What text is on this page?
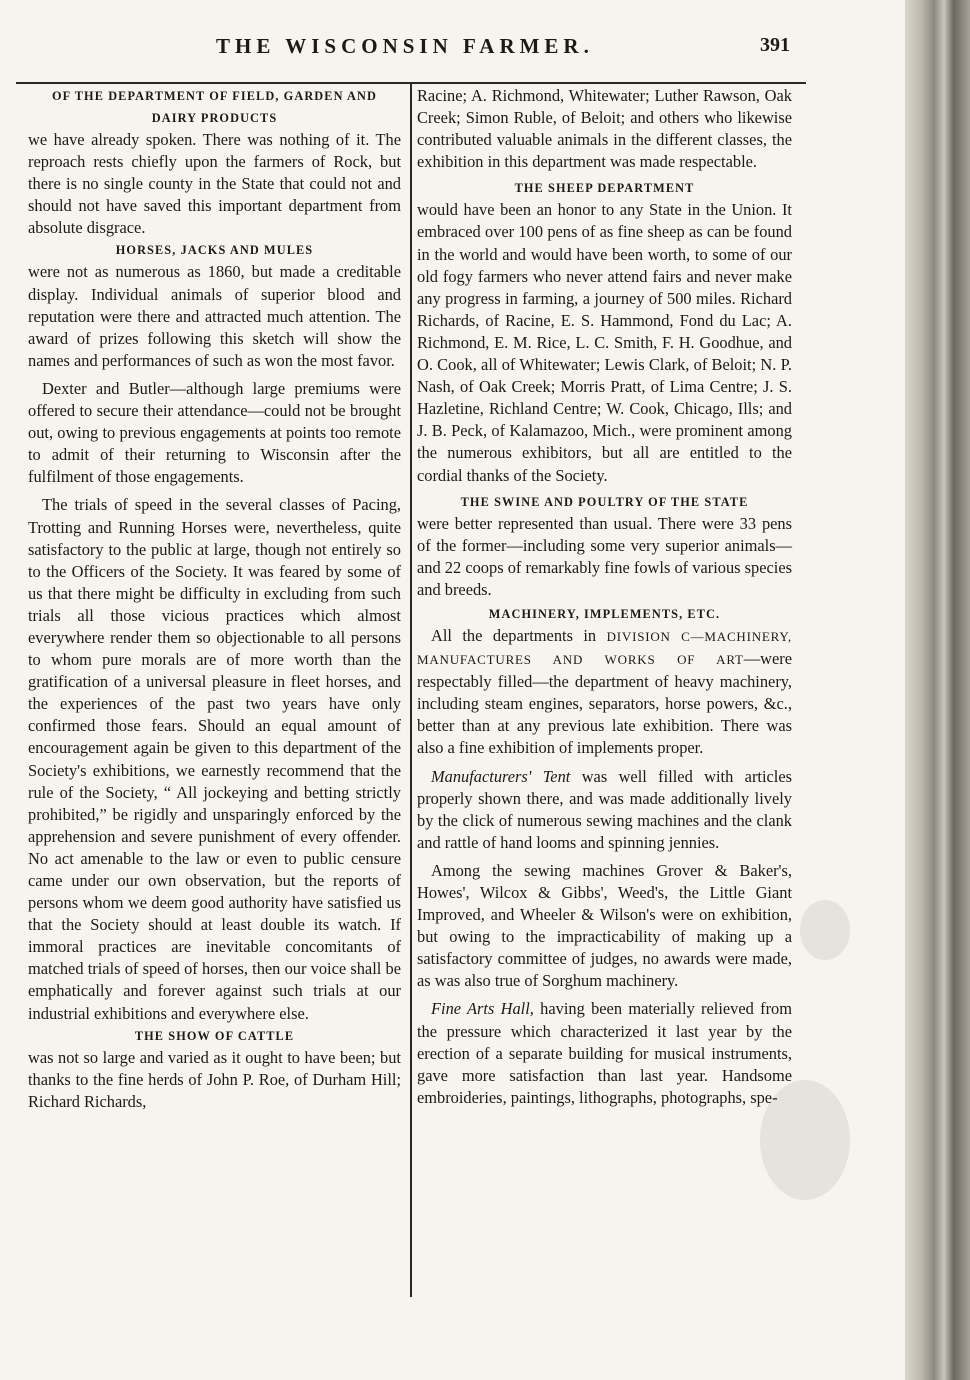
THE WISCONSIN FARMER.	391
OF THE DEPARTMENT OF FIELD, GARDEN AND DAIRY PRODUCTS

we have already spoken. There was nothing of it. The reproach rests chiefly upon the farmers of Rock, but there is no single county in the State that could not and should not have saved this important department from absolute disgrace.

HORSES, JACKS AND MULES

were not as numerous as 1860, but made a creditable display. Individual animals of superior blood and reputation were there and attracted much attention. The award of prizes following this sketch will show the names and performances of such as won the most favor.

Dexter and Butler—although large premiums were offered to secure their attendance—could not be brought out, owing to previous engagements at points too remote to admit of their returning to Wisconsin after the fulfilment of those engagements.

The trials of speed in the several classes of Pacing, Trotting and Running Horses were, nevertheless, quite satisfactory to the public at large, though not entirely so to the Officers of the Society. It was feared by some of us that there might be difficulty in excluding from such trials all those vicious practices which almost everywhere render them so objectionable to all persons to whom pure morals are of more worth than the gratification of a universal pleasure in fleet horses, and the experiences of the past two years have only confirmed those fears. Should an equal amount of encouragement again be given to this department of the Society's exhibitions, we earnestly recommend that the rule of the Society, “ All jockeying and betting strictly prohibited,” be rigidly and unsparingly enforced by the apprehension and severe punishment of every offender. No act amenable to the law or even to public censure came under our own observation, but the reports of persons whom we deem good authority have satisfied us that the Society should at least double its watch. If immoral practices are inevitable concomitants of matched trials of speed of horses, then our voice shall be emphatically and forever against such trials at our industrial exhibitions and everywhere else.

THE SHOW OF CATTLE

was not so large and varied as it ought to have been; but thanks to the fine herds of John P. Roe, of Durham Hill; Richard Richards,

Racine; A. Richmond, Whitewater; Luther Rawson, Oak Creek; Simon Ruble, of Beloit; and others who likewise contributed valuable animals in the different classes, the exhibition in this department was made respectable.

THE SHEEP DEPARTMENT

would have been an honor to any State in the Union. It embraced over 100 pens of as fine sheep as can be found in the world and would have been worth, to some of our old fogy farmers who never attend fairs and never make any progress in farming, a journey of 500 miles. Richard Richards, of Racine, E. S. Hammond, Fond du Lac; A. Richmond, E. M. Rice, L. C. Smith, F. H. Goodhue, and O. Cook, all of Whitewater; Lewis Clark, of Beloit; N. P. Nash, of Oak Creek; Morris Pratt, of Lima Centre; J. S. Hazletine, Richland Centre; W. Cook, Chicago, Ills; and J. B. Peck, of Kalamazoo, Mich., were prominent among the numerous exhibitors, but all are entitled to the cordial thanks of the Society.

THE SWINE AND POULTRY OF THE STATE

were better represented than usual. There were 33 pens of the former—including some very superior animals—and 22 coops of remarkably fine fowls of various species and breeds.

MACHINERY, IMPLEMENTS, ETC.

All the departments in DIVISION C—MACHINERY, MANUFACTURES AND WORKS OF ART—were respectably filled—the department of heavy machinery, including steam engines, separators, horse powers, &c., better than at any previous late exhibition. There was also a fine exhibition of implements proper.

Manufacturers' Tent was well filled with articles properly shown there, and was made additionally lively by the click of numerous sewing machines and the clank and rattle of hand looms and spinning jennies.

Among the sewing machines Grover & Baker's, Howes', Wilcox & Gibbs', Weed's, the Little Giant Improved, and Wheeler & Wilson's were on exhibition, but owing to the impracticability of making up a satisfactory committee of judges, no awards were made, as was also true of Sorghum machinery.

Fine Arts Hall, having been materially relieved from the pressure which characterized it last year by the erection of a separate building for musical instruments, gave more satisfaction than last year. Handsome embroideries, paintings, lithographs, photographs, spe-
